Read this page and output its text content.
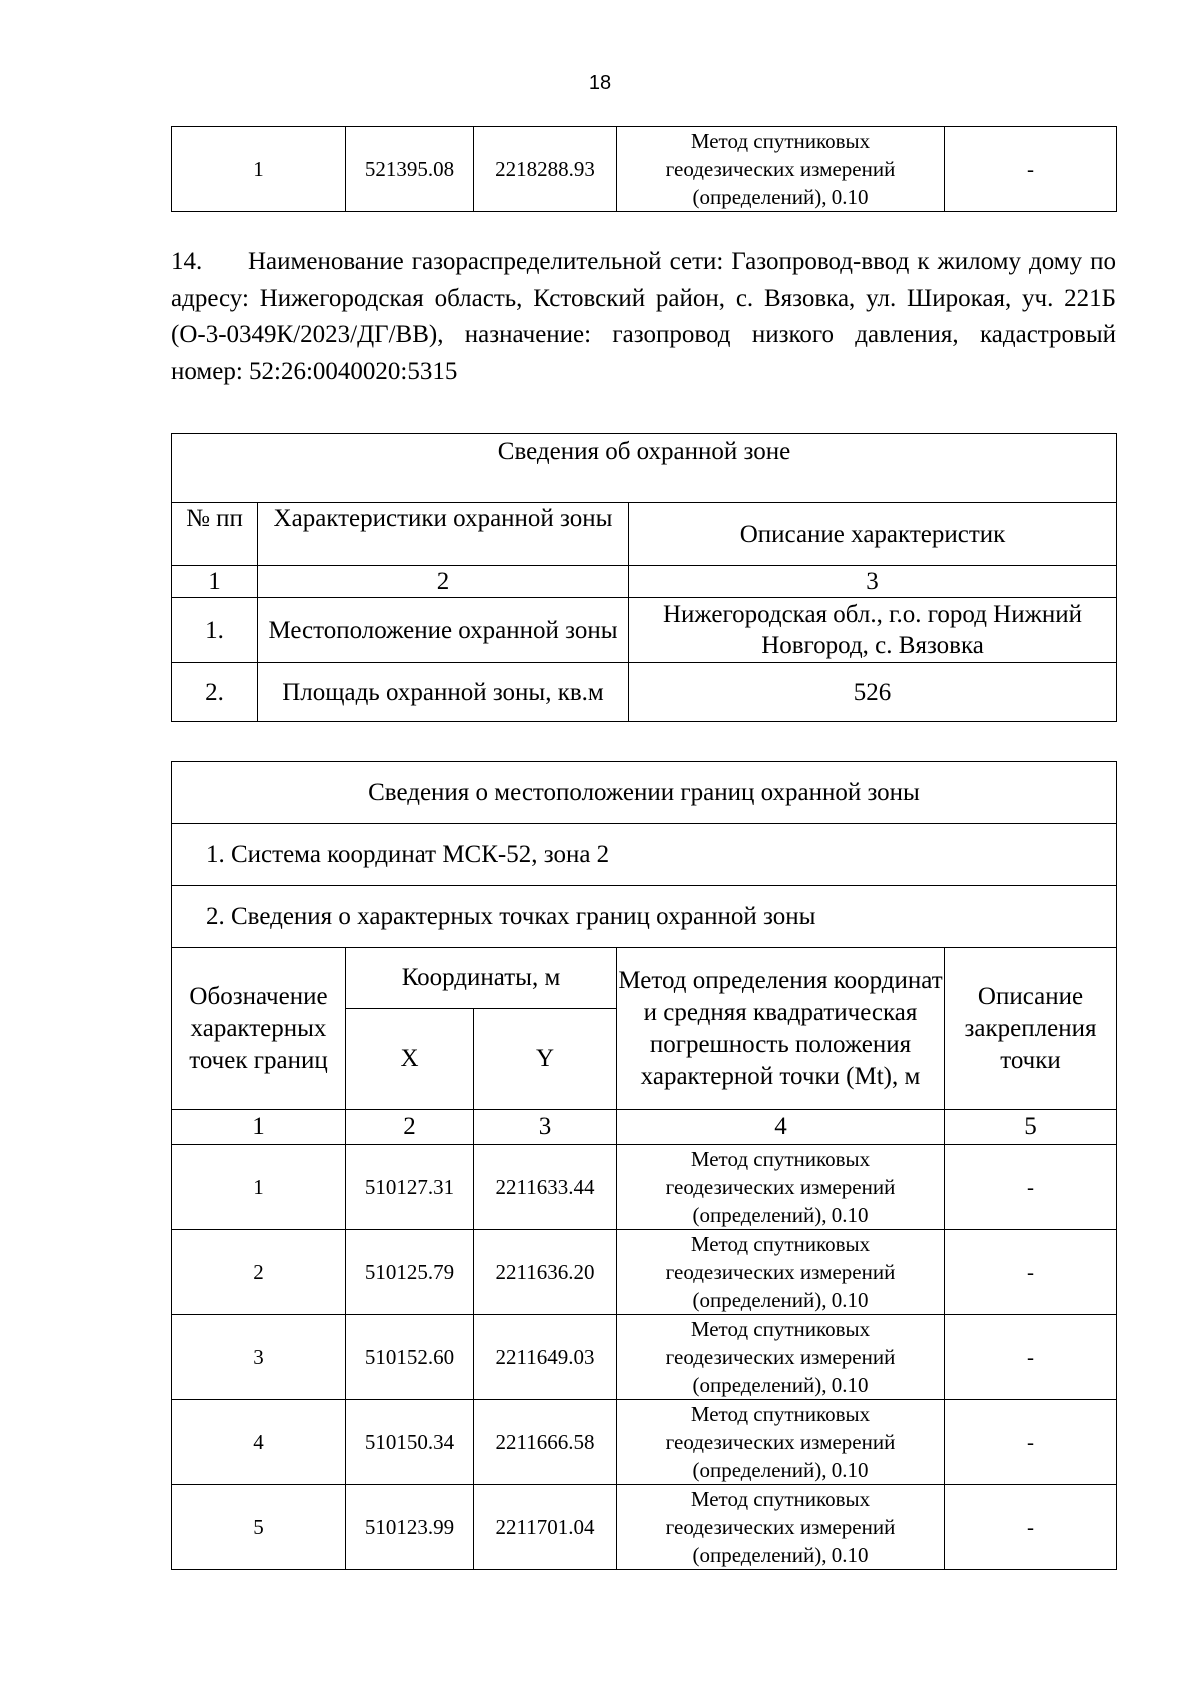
18
1	521395.08	2218288.93	
Метод спутниковых
геодезических измерений
(определений), 0.10
	-
14. Наименование газораспределительной сети: Газопровод-ввод к жилому дому по адресу: Нижегородская область, Кстовский район, с. Вязовка, ул. Широкая, уч. 221Б (О-3-0349К/2023/ДГ/ВВ), назначение: газопровод низкого давления, кадастровый номер: 52:26:0040020:5315
Сведения об охранной зоне		
№ пп	Характеристики охранной зоны	Описание характеристик
1	2	3
1.	Местоположение охранной зоны	Нижегородская обл., г.о. город Нижний Новгород, с. Вязовка
2.	Площадь охранной зоны, кв.м	526
Сведения о местоположении границ охранной зоны				
1. Система координат МСК-52, зона 2				
2. Сведения о характерных точках границ охранной зоны				
Обозначение характерных точек границ	Координаты, м		Метод определения координат и средняя квадратическая погрешность положения характерной точки (Mt), м	Описание закрепления точки
	X	Y		
1	2	3	4	5
1	510127.31	2211633.44	Метод спутниковых
геодезических измерений
(определений), 0.10	-
2	510125.79	2211636.20	Метод спутниковых
геодезических измерений
(определений), 0.10	-
3	510152.60	2211649.03	Метод спутниковых
геодезических измерений
(определений), 0.10	-
4	510150.34	2211666.58	Метод спутниковых
геодезических измерений
(определений), 0.10	-
5	510123.99	2211701.04	Метод спутниковых
геодезических измерений
(определений), 0.10	-
